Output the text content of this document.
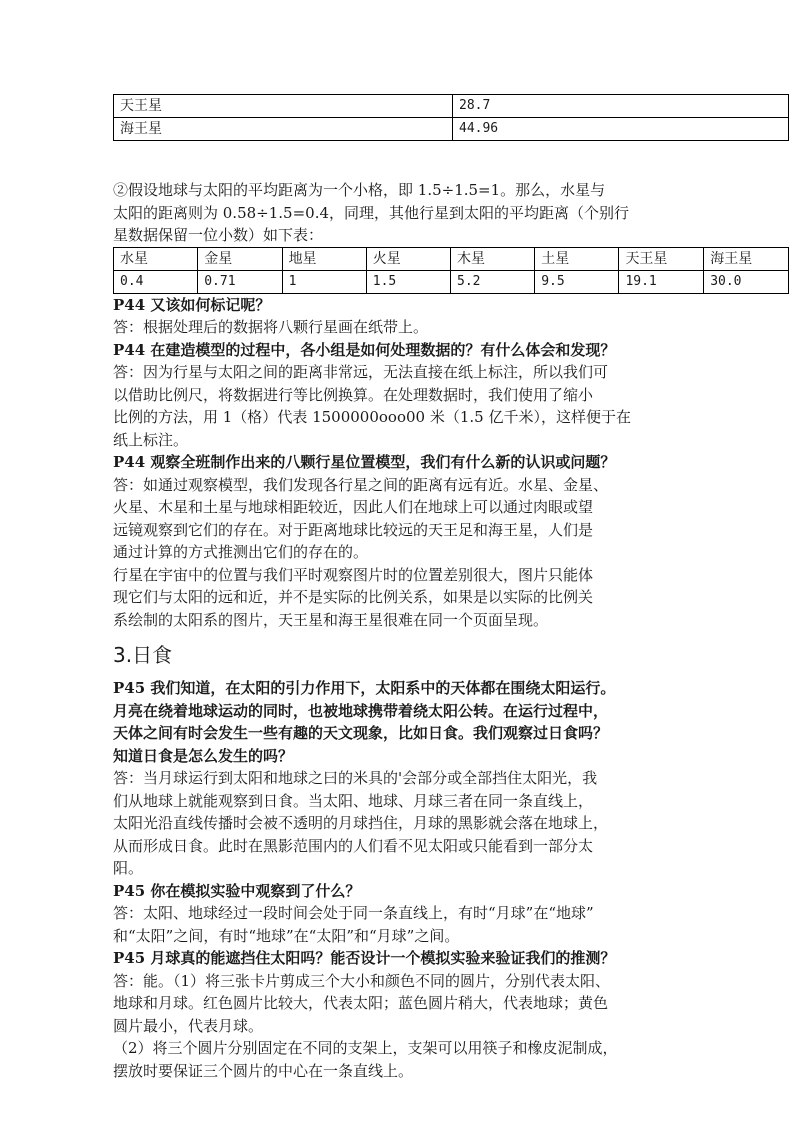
天王星	28.7
海王星	44.96

②假设地球与太阳的平均距离为一个小格，即 1.5÷1.5=1。那么，水星与

太阳的距离则为 0.58÷1.5=0.4，同理，其他行星到太阳的平均距离（个别行

星数据保留一位小数）如下表：

水星	金星	地星	火星	木星	土星	天王星	海王星
0.4	0.71	1	1.5	5.2	9.5	19.1	30.0

P44 又该如何标记呢？

答：根据处理后的数据将八颗行星画在纸带上。

P44 在建造模型的过程中，各小组是如何处理数据的？有什么体会和发现？

答：因为行星与太阳之间的距离非常远，无法直接在纸上标注，所以我们可

以借助比例尺，将数据进行等比例换算。在处理数据时，我们使用了缩小

比例的方法，用 1（格）代表 1500000ooo00 米（1.5 亿千米），这样便于在

纸上标注。

P44 观察全班制作出来的八颗行星位置模型，我们有什么新的认识或问题？

答：如通过观察模型，我们发现各行星之间的距离有远有近。水星、金星、

火星、木星和土星与地球相距较近，因此人们在地球上可以通过肉眼或望

远镜观察到它们的存在。对于距离地球比较远的天王足和海王星，人们是

通过计算的方式推测出它们的存在的。

行星在宇宙中的位置与我们平时观察图片时的位置差别很大，图片只能体

现它们与太阳的远和近，并不是实际的比例关系，如果是以实际的比例关

系绘制的太阳系的图片，天王星和海王星很难在同一个页面呈现。

3.日食

P45 我们知道，在太阳的引力作用下，太阳系中的天体都在围绕太阳运行。

月亮在绕着地球运动的同时，也被地球携带着绕太阳公转。在运行过程中，

天体之间有时会发生一些有趣的天文现象，比如日食。我们观察过日食吗？

知道日食是怎么发生的吗？

答：当月球运行到太阳和地球之曰的米具的'会部分或全部挡住太阳光，我

们从地球上就能观察到日食。当太阳、地球、月球三者在同一条直线上，

太阳光沿直线传播时会被不透明的月球挡住，月球的黑影就会落在地球上，

从而形成日食。此时在黑影范围内的人们看不见太阳或只能看到一部分太

阳。

P45 你在模拟实验中观察到了什么？

答：太阳、地球经过一段时间会处于同一条直线上，有时“月球”在“地球”

和“太阳”之间，有时“地球”在“太阳”和“月球”之间。

P45 月球真的能遮挡住太阳吗？能否设计一个模拟实验来验证我们的推测？

答：能。（1）将三张卡片剪成三个大小和颜色不同的圆片，分别代表太阳、

地球和月球。红色圆片比较大，代表太阳；蓝色圆片稍大，代表地球；黄色

圆片最小，代表月球。

（2）将三个圆片分别固定在不同的支架上，支架可以用筷子和橡皮泥制成，

摆放时要保证三个圆片的中心在一条直线上。
